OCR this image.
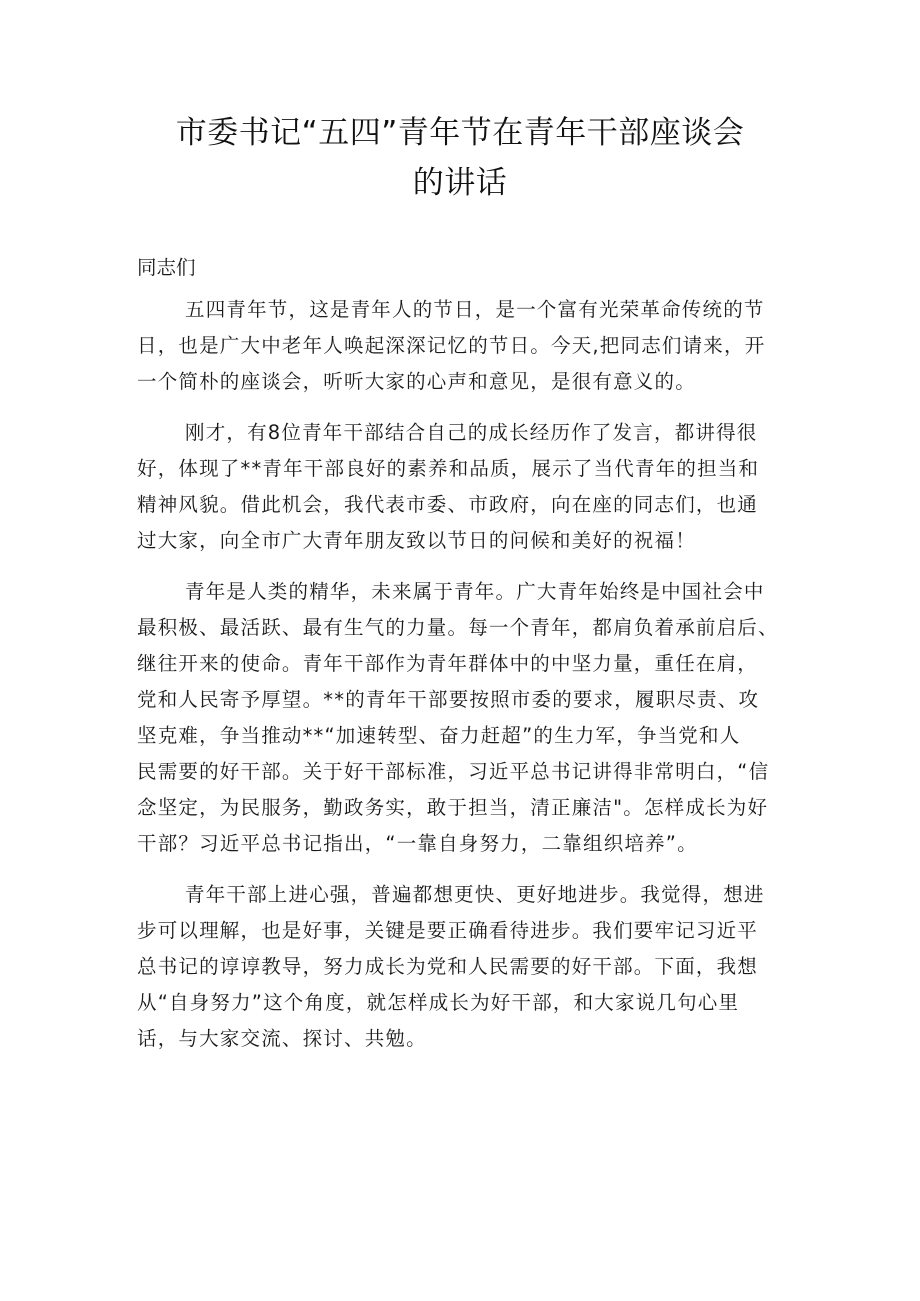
市委书记“五四”青年节在青年干部座谈会
的讲话

同志们

五四青年节，这是青年人的节日，是一个富有光荣革命传统的节
日，也是广大中老年人唤起深深记忆的节日。今天,把同志们请来，开
一个简朴的座谈会，听听大家的心声和意见，是很有意义的。
刚才，有8位青年干部结合自己的成长经历作了发言，都讲得很
好，体现了**青年干部良好的素养和品质，展示了当代青年的担当和
精神风貌。借此机会，我代表市委、市政府，向在座的同志们，也通
过大家，向全市广大青年朋友致以节日的问候和美好的祝福！
青年是人类的精华，未来属于青年。广大青年始终是中国社会中
最积极、最活跃、最有生气的力量。每一个青年，都肩负着承前启后、
继往开来的使命。青年干部作为青年群体中的中坚力量，重任在肩，
党和人民寄予厚望。**的青年干部要按照市委的要求，履职尽责、攻
坚克难，争当推动**“加速转型、奋力赶超”的生力军，争当党和人
民需要的好干部。关于好干部标准，习近平总书记讲得非常明白，“信
念坚定，为民服务，勤政务实，敢于担当，清正廉洁"。怎样成长为好
干部？习近平总书记指出，“一靠自身努力，二靠组织培养”。
青年干部上进心强，普遍都想更快、更好地进步。我觉得，想进
步可以理解，也是好事，关键是要正确看待进步。我们要牢记习近平
总书记的谆谆教导，努力成长为党和人民需要的好干部。下面，我想
从“自身努力”这个角度，就怎样成长为好干部，和大家说几句心里
话，与大家交流、探讨、共勉。
